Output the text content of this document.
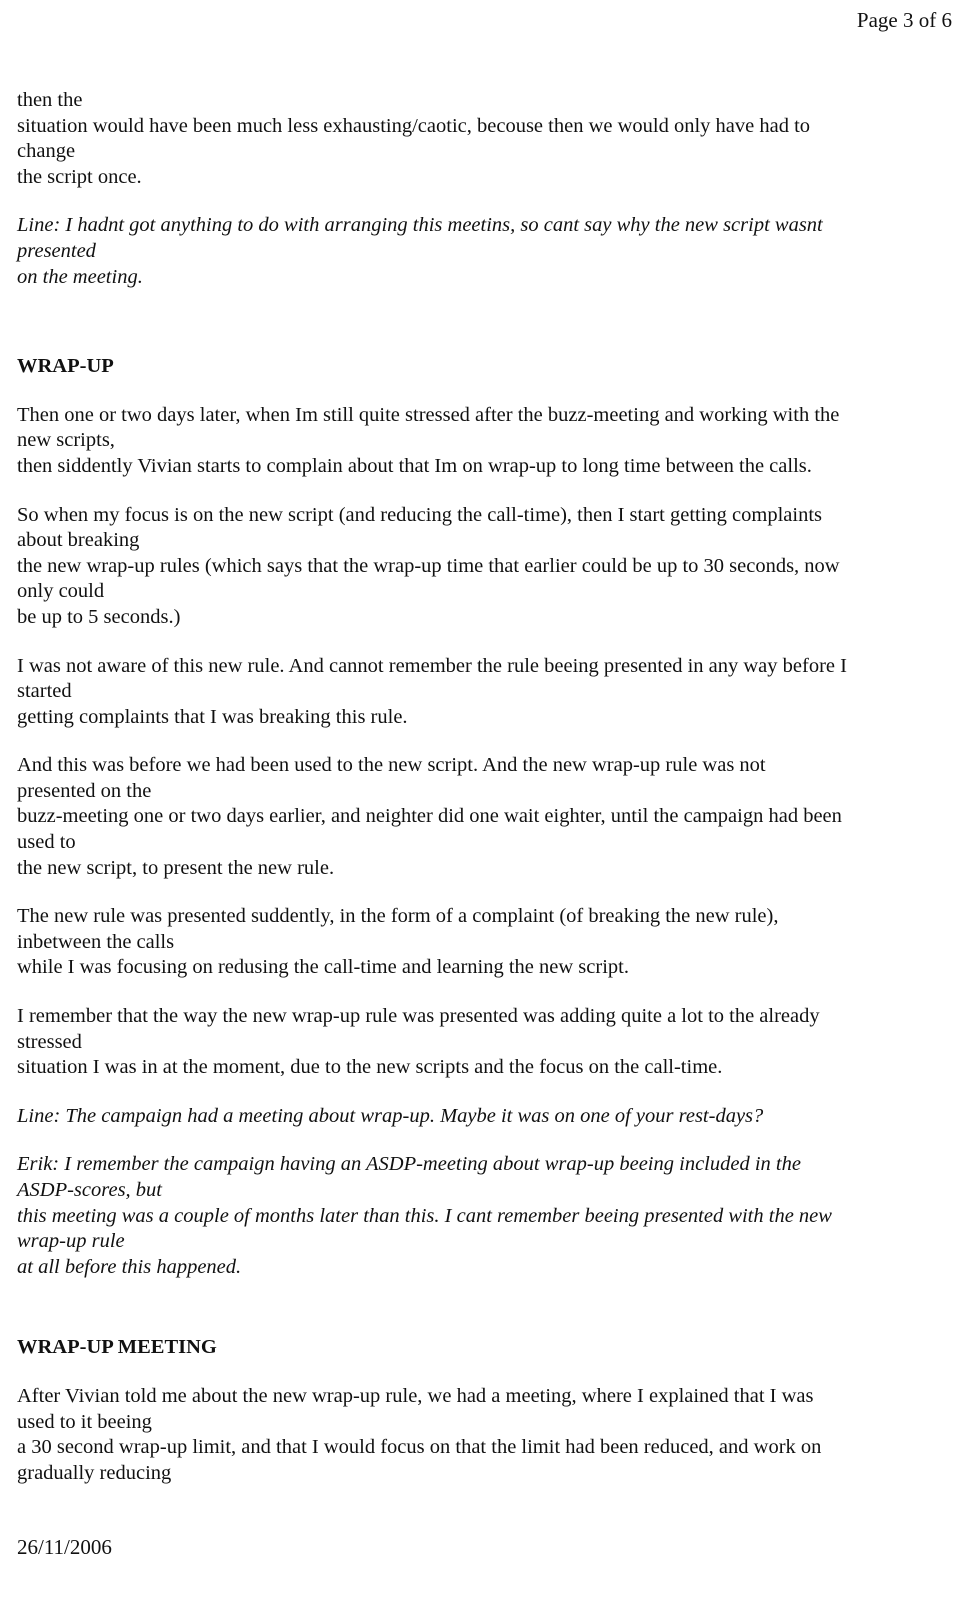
Page 3 of 6

then the
situation would have been much less exhausting/caotic, becouse then we would only have had to
change
the script once.

Line: I hadnt got anything to do with arranging this meetins, so cant say why the new script wasnt
presented
on the meeting.

WRAP-UP

Then one or two days later, when Im still quite stressed after the buzz-meeting and working with the
new scripts,
then siddently Vivian starts to complain about that Im on wrap-up to long time between the calls.

So when my focus is on the new script (and reducing the call-time), then I start getting complaints
about breaking
the new wrap-up rules (which says that the wrap-up time that earlier could be up to 30 seconds, now
only could
be up to 5 seconds.)

I was not aware of this new rule. And cannot remember the rule beeing presented in any way before I
started
getting complaints that I was breaking this rule.

And this was before we had been used to the new script. And the new wrap-up rule was not
presented on the
buzz-meeting one or two days earlier, and neighter did one wait eighter, until the campaign had been
used to
the new script, to present the new rule.

The new rule was presented suddently, in the form of a complaint (of breaking the new rule),
inbetween the calls
while I was focusing on redusing the call-time and learning the new script.

I remember that the way the new wrap-up rule was presented was adding quite a lot to the already
stressed
situation I was in at the moment, due to the new scripts and the focus on the call-time.

Line: The campaign had a meeting about wrap-up. Maybe it was on one of your rest-days?

Erik: I remember the campaign having an ASDP-meeting about wrap-up beeing included in the
ASDP-scores, but
this meeting was a couple of months later than this. I cant remember beeing presented with the new
wrap-up rule
at all before this happened.

WRAP-UP MEETING

After Vivian told me about the new wrap-up rule, we had a meeting, where I explained that I was
used to it beeing
a 30 second wrap-up limit, and that I would focus on that the limit had been reduced, and work on
gradually reducing

26/11/2006
